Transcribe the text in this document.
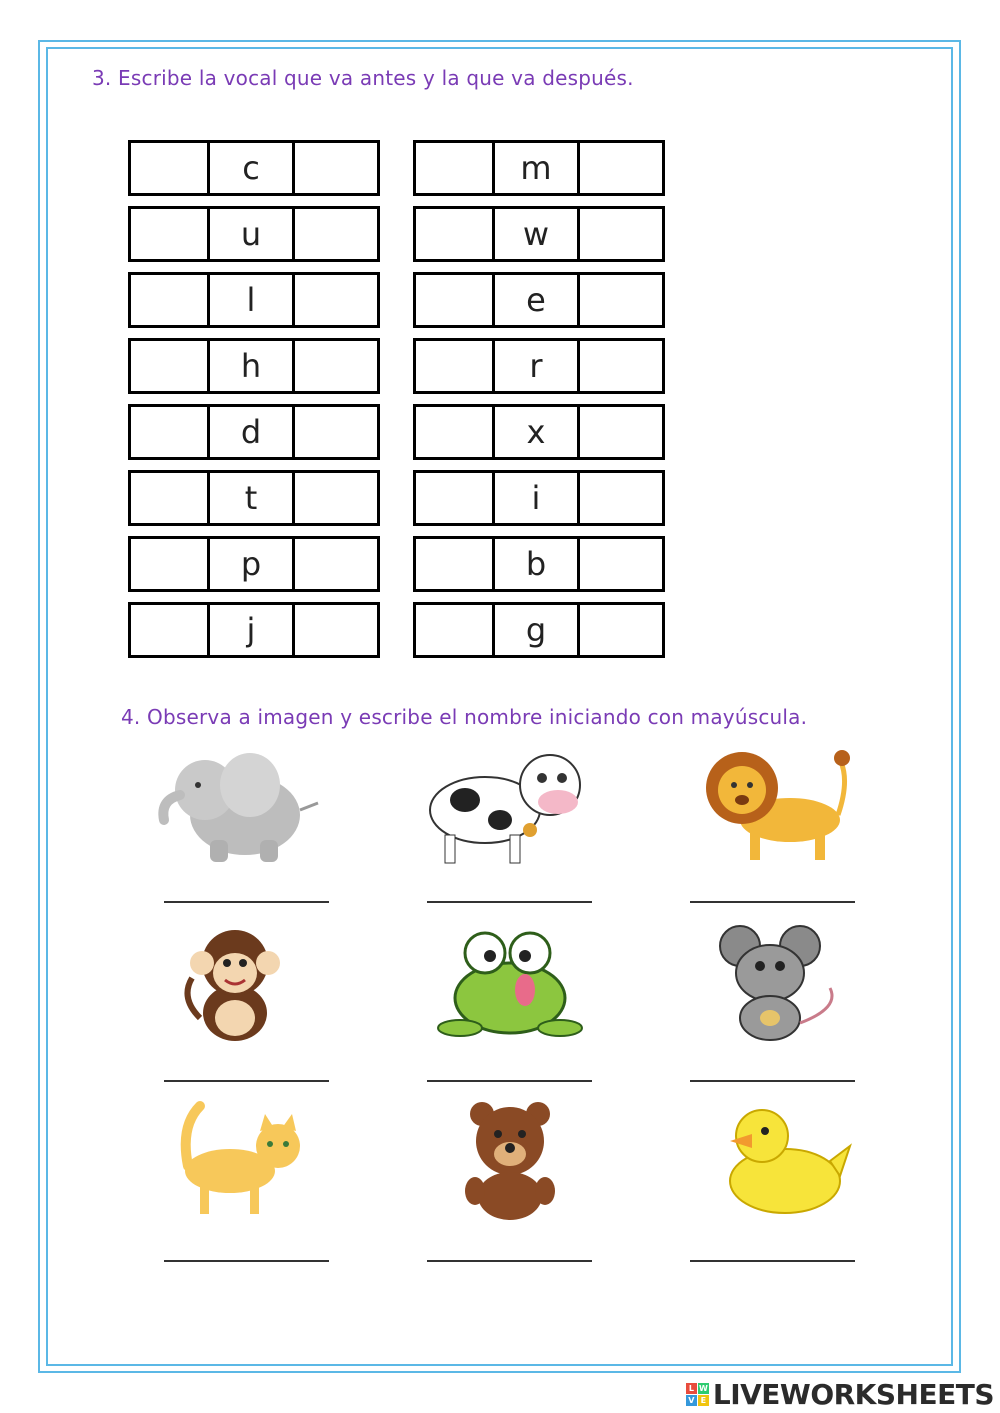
3. Escribe la vocal que va antes y la que va después.
c
u
l
h
d
t
p
j
m
w
e
r
x
i
b
g
4. Observa a imagen y escribe el nombre iniciando con mayúscula.
L W
V E LIVEWORKSHEETS
